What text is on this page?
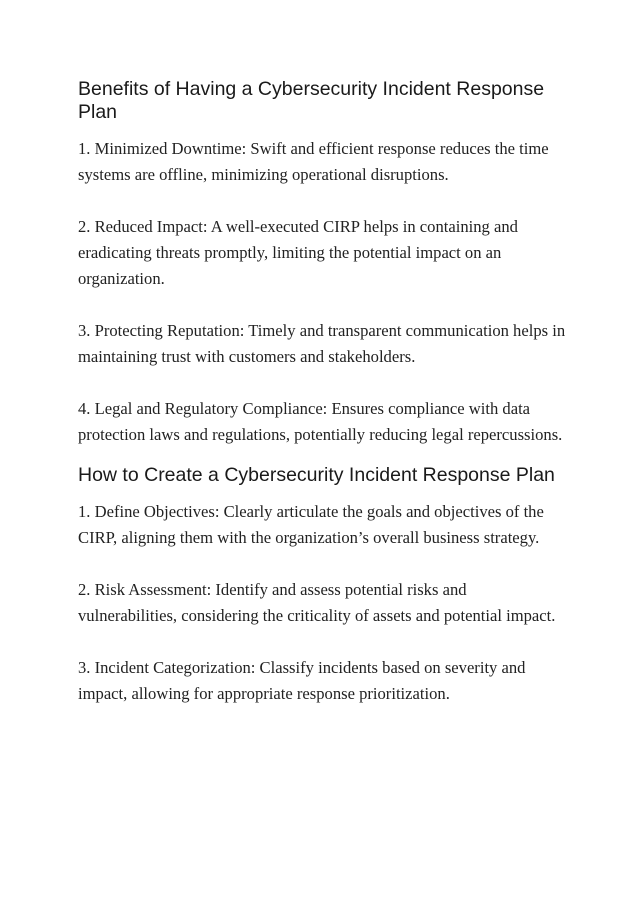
Benefits of Having a Cybersecurity Incident Response Plan

1. Minimized Downtime: Swift and efficient response reduces the time systems are offline, minimizing operational disruptions.

2. Reduced Impact: A well-executed CIRP helps in containing and eradicating threats promptly, limiting the potential impact on an organization.

3. Protecting Reputation: Timely and transparent communication helps in maintaining trust with customers and stakeholders.

4. Legal and Regulatory Compliance: Ensures compliance with data protection laws and regulations, potentially reducing legal repercussions.

How to Create a Cybersecurity Incident Response Plan

1. Define Objectives: Clearly articulate the goals and objectives of the CIRP, aligning them with the organization’s overall business strategy.

2. Risk Assessment: Identify and assess potential risks and vulnerabilities, considering the criticality of assets and potential impact.

3. Incident Categorization: Classify incidents based on severity and impact, allowing for appropriate response prioritization.
